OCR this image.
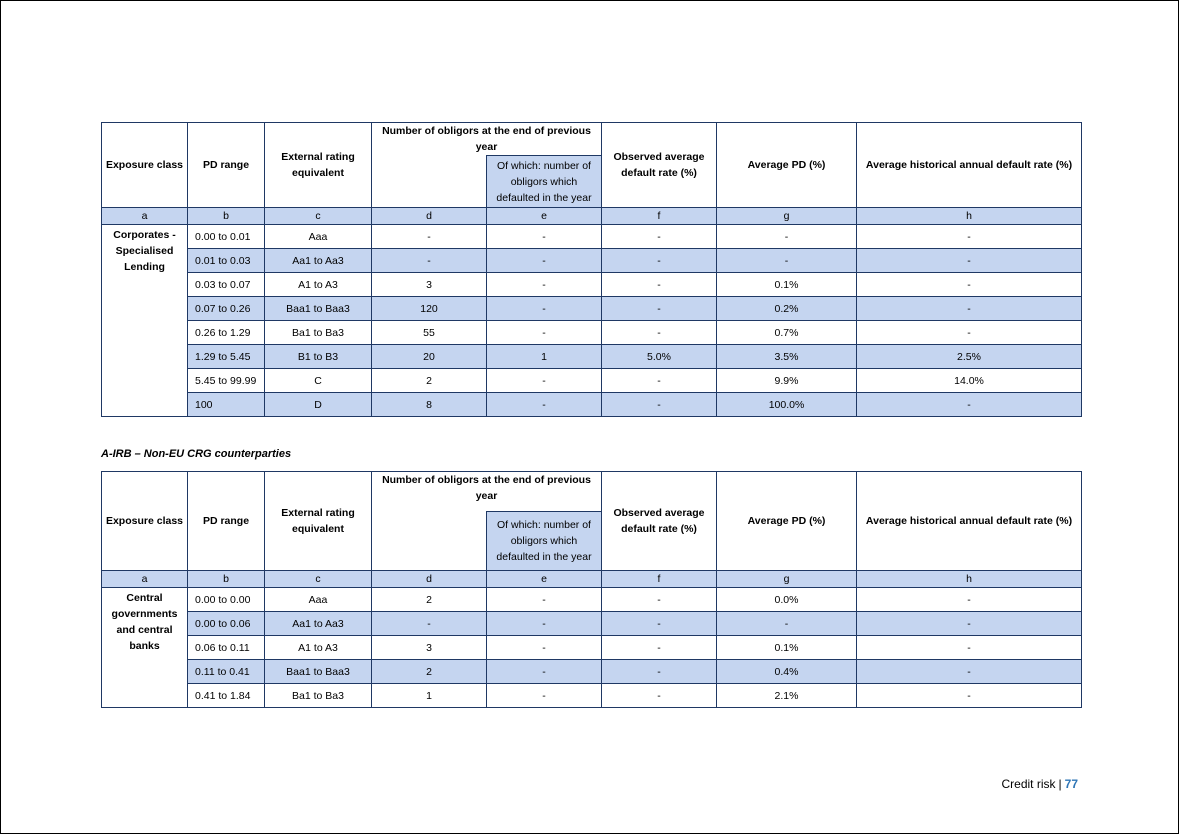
Exposure class	PD range	External rating equivalent	Number of obligors at the end of previous year		Observed average default rate (%)	Average PD (%)	Average historical annual default rate (%)
				Of which: number of obligors which defaulted in the year			
a	b	c	d	e	f	g	h
Corporates - Specialised Lending	0.00 to 0.01	Aaa	-	-	-	-	-
	0.01 to 0.03	Aa1 to Aa3	-	-	-	-	-
	0.03 to 0.07	A1 to A3	3	-	-	0.1%	-
	0.07 to 0.26	Baa1 to Baa3	120	-	-	0.2%	-
	0.26 to 1.29	Ba1 to Ba3	55	-	-	0.7%	-
	1.29 to 5.45	B1 to B3	20	1	5.0%	3.5%	2.5%
	5.45 to 99.99	C	2	-	-	9.9%	14.0%
	100	D	8	-	-	100.0%	-
A-IRB – Non-EU CRG counterparties
Exposure class	PD range	External rating equivalent	Number of obligors at the end of previous year		Observed average default rate (%)	Average PD (%)	Average historical annual default rate (%)
				Of which: number of obligors which defaulted in the year			
a	b	c	d	e	f	g	h
Central governments and central banks	0.00 to 0.00	Aaa	2	-	-	0.0%	-
	0.00 to 0.06	Aa1 to Aa3	-	-	-	-	-
	0.06 to 0.11	A1 to A3	3	-	-	0.1%	-
	0.11 to 0.41	Baa1 to Baa3	2	-	-	0.4%	-
	0.41 to 1.84	Ba1 to Ba3	1	-	-	2.1%	-
Credit risk | 77
